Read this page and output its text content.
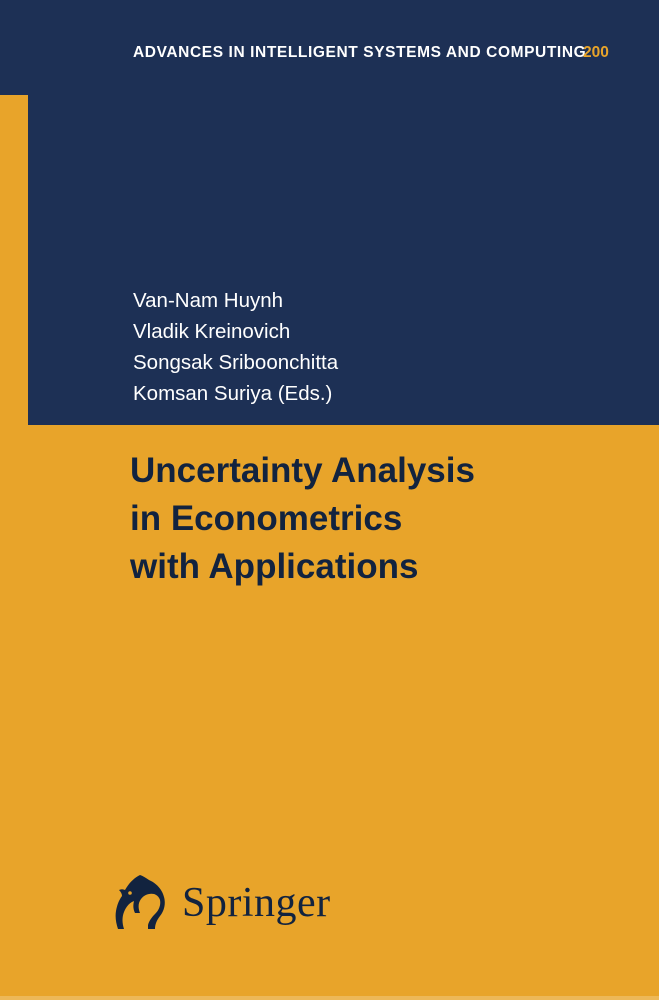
ADVANCES IN INTELLIGENT SYSTEMS AND COMPUTING
200
Van-Nam Huynh
Vladik Kreinovich
Songsak Sriboonchitta
Komsan Suriya (Eds.)
Uncertainty Analysis
in Econometrics
with Applications
Springer
